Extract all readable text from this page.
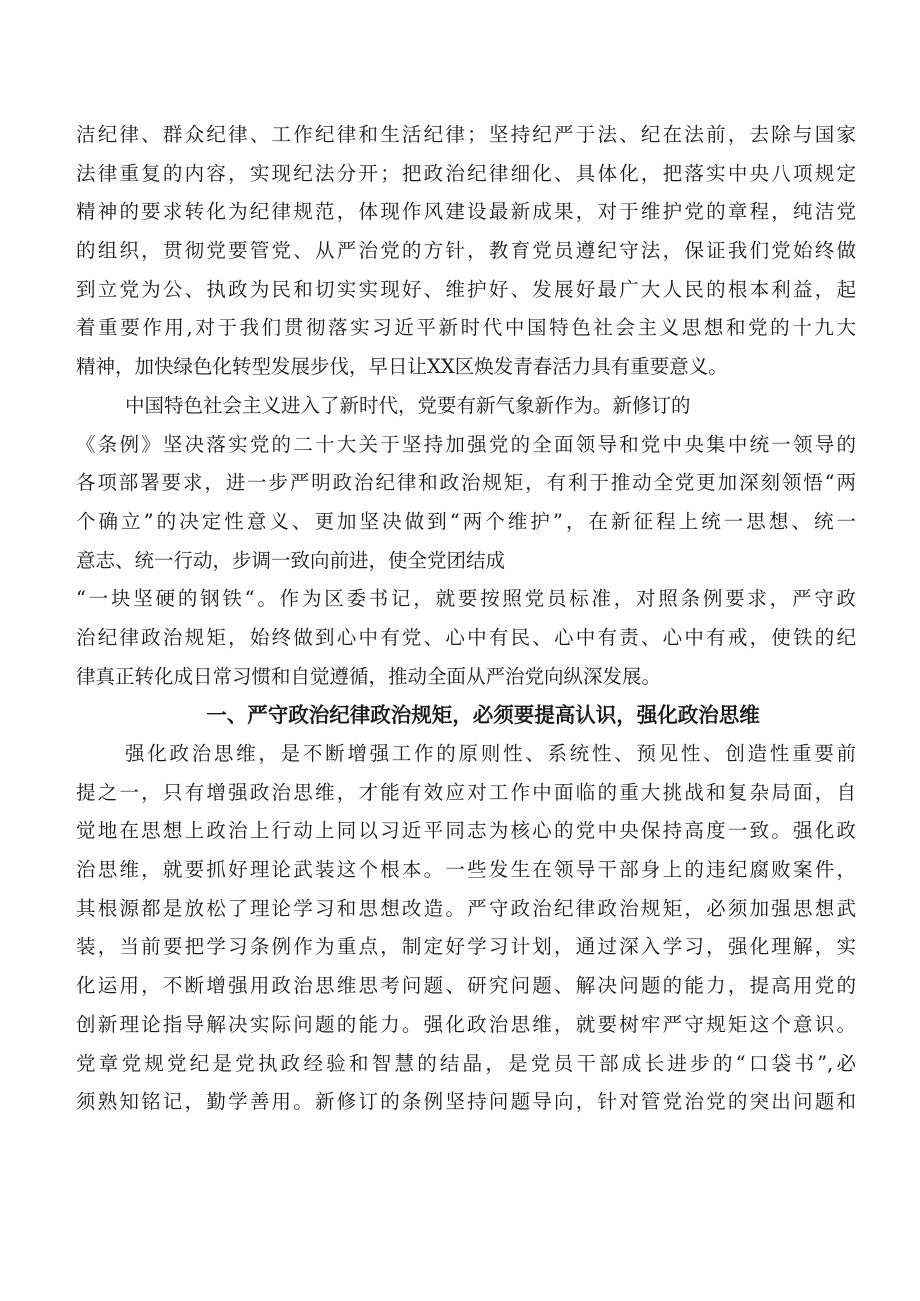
洁纪律、群众纪律、工作纪律和生活纪律；坚持纪严于法、纪在法前，去除与国家
法律重复的内容，实现纪法分开；把政治纪律细化、具体化，把落实中央八项规定
精神的要求转化为纪律规范，体现作风建设最新成果，对于维护党的章程，纯洁党
的组织，贯彻党要管党、从严治党的方针，教育党员遵纪守法，保证我们党始终做
到立党为公、执政为民和切实实现好、维护好、发展好最广大人民的根本利益，起
着重要作用,对于我们贯彻落实习近平新时代中国特色社会主义思想和党的十九大
精神，加快绿色化转型发展步伐，早日让XX区焕发青春活力具有重要意义。
中国特色社会主义进入了新时代，党要有新气象新作为。新修订的
《条例》坚决落实党的二十大关于坚持加强党的全面领导和党中央集中统一领导的
各项部署要求，进一步严明政治纪律和政治规矩，有利于推动全党更加深刻领悟“两
个确立”的决定性意义、更加坚决做到“两个维护”，在新征程上统一思想、统一
意志、统一行动，步调一致向前进，使全党团结成
“一块坚硬的钢铁“。作为区委书记，就要按照党员标准，对照条例要求，严守政
治纪律政治规矩，始终做到心中有党、心中有民、心中有责、心中有戒，使铁的纪
律真正转化成日常习惯和自觉遵循，推动全面从严治党向纵深发展。
一、严守政治纪律政治规矩，必须要提高认识，强化政治思维
强化政治思维，是不断增强工作的原则性、系统性、预见性、创造性重要前
提之一，只有增强政治思维，才能有效应对工作中面临的重大挑战和复杂局面，自
觉地在思想上政治上行动上同以习近平同志为核心的党中央保持高度一致。强化政
治思维，就要抓好理论武装这个根本。一些发生在领导干部身上的违纪腐败案件，
其根源都是放松了理论学习和思想改造。严守政治纪律政治规矩，必须加强思想武
装，当前要把学习条例作为重点，制定好学习计划，通过深入学习，强化理解，实
化运用，不断增强用政治思维思考问题、研究问题、解决问题的能力，提高用党的
创新理论指导解决实际问题的能力。强化政治思维，就要树牢严守规矩这个意识。
党章党规党纪是党执政经验和智慧的结晶，是党员干部成长进步的“口袋书”,必
须熟知铭记，勤学善用。新修订的条例坚持问题导向，针对管党治党的突出问题和
